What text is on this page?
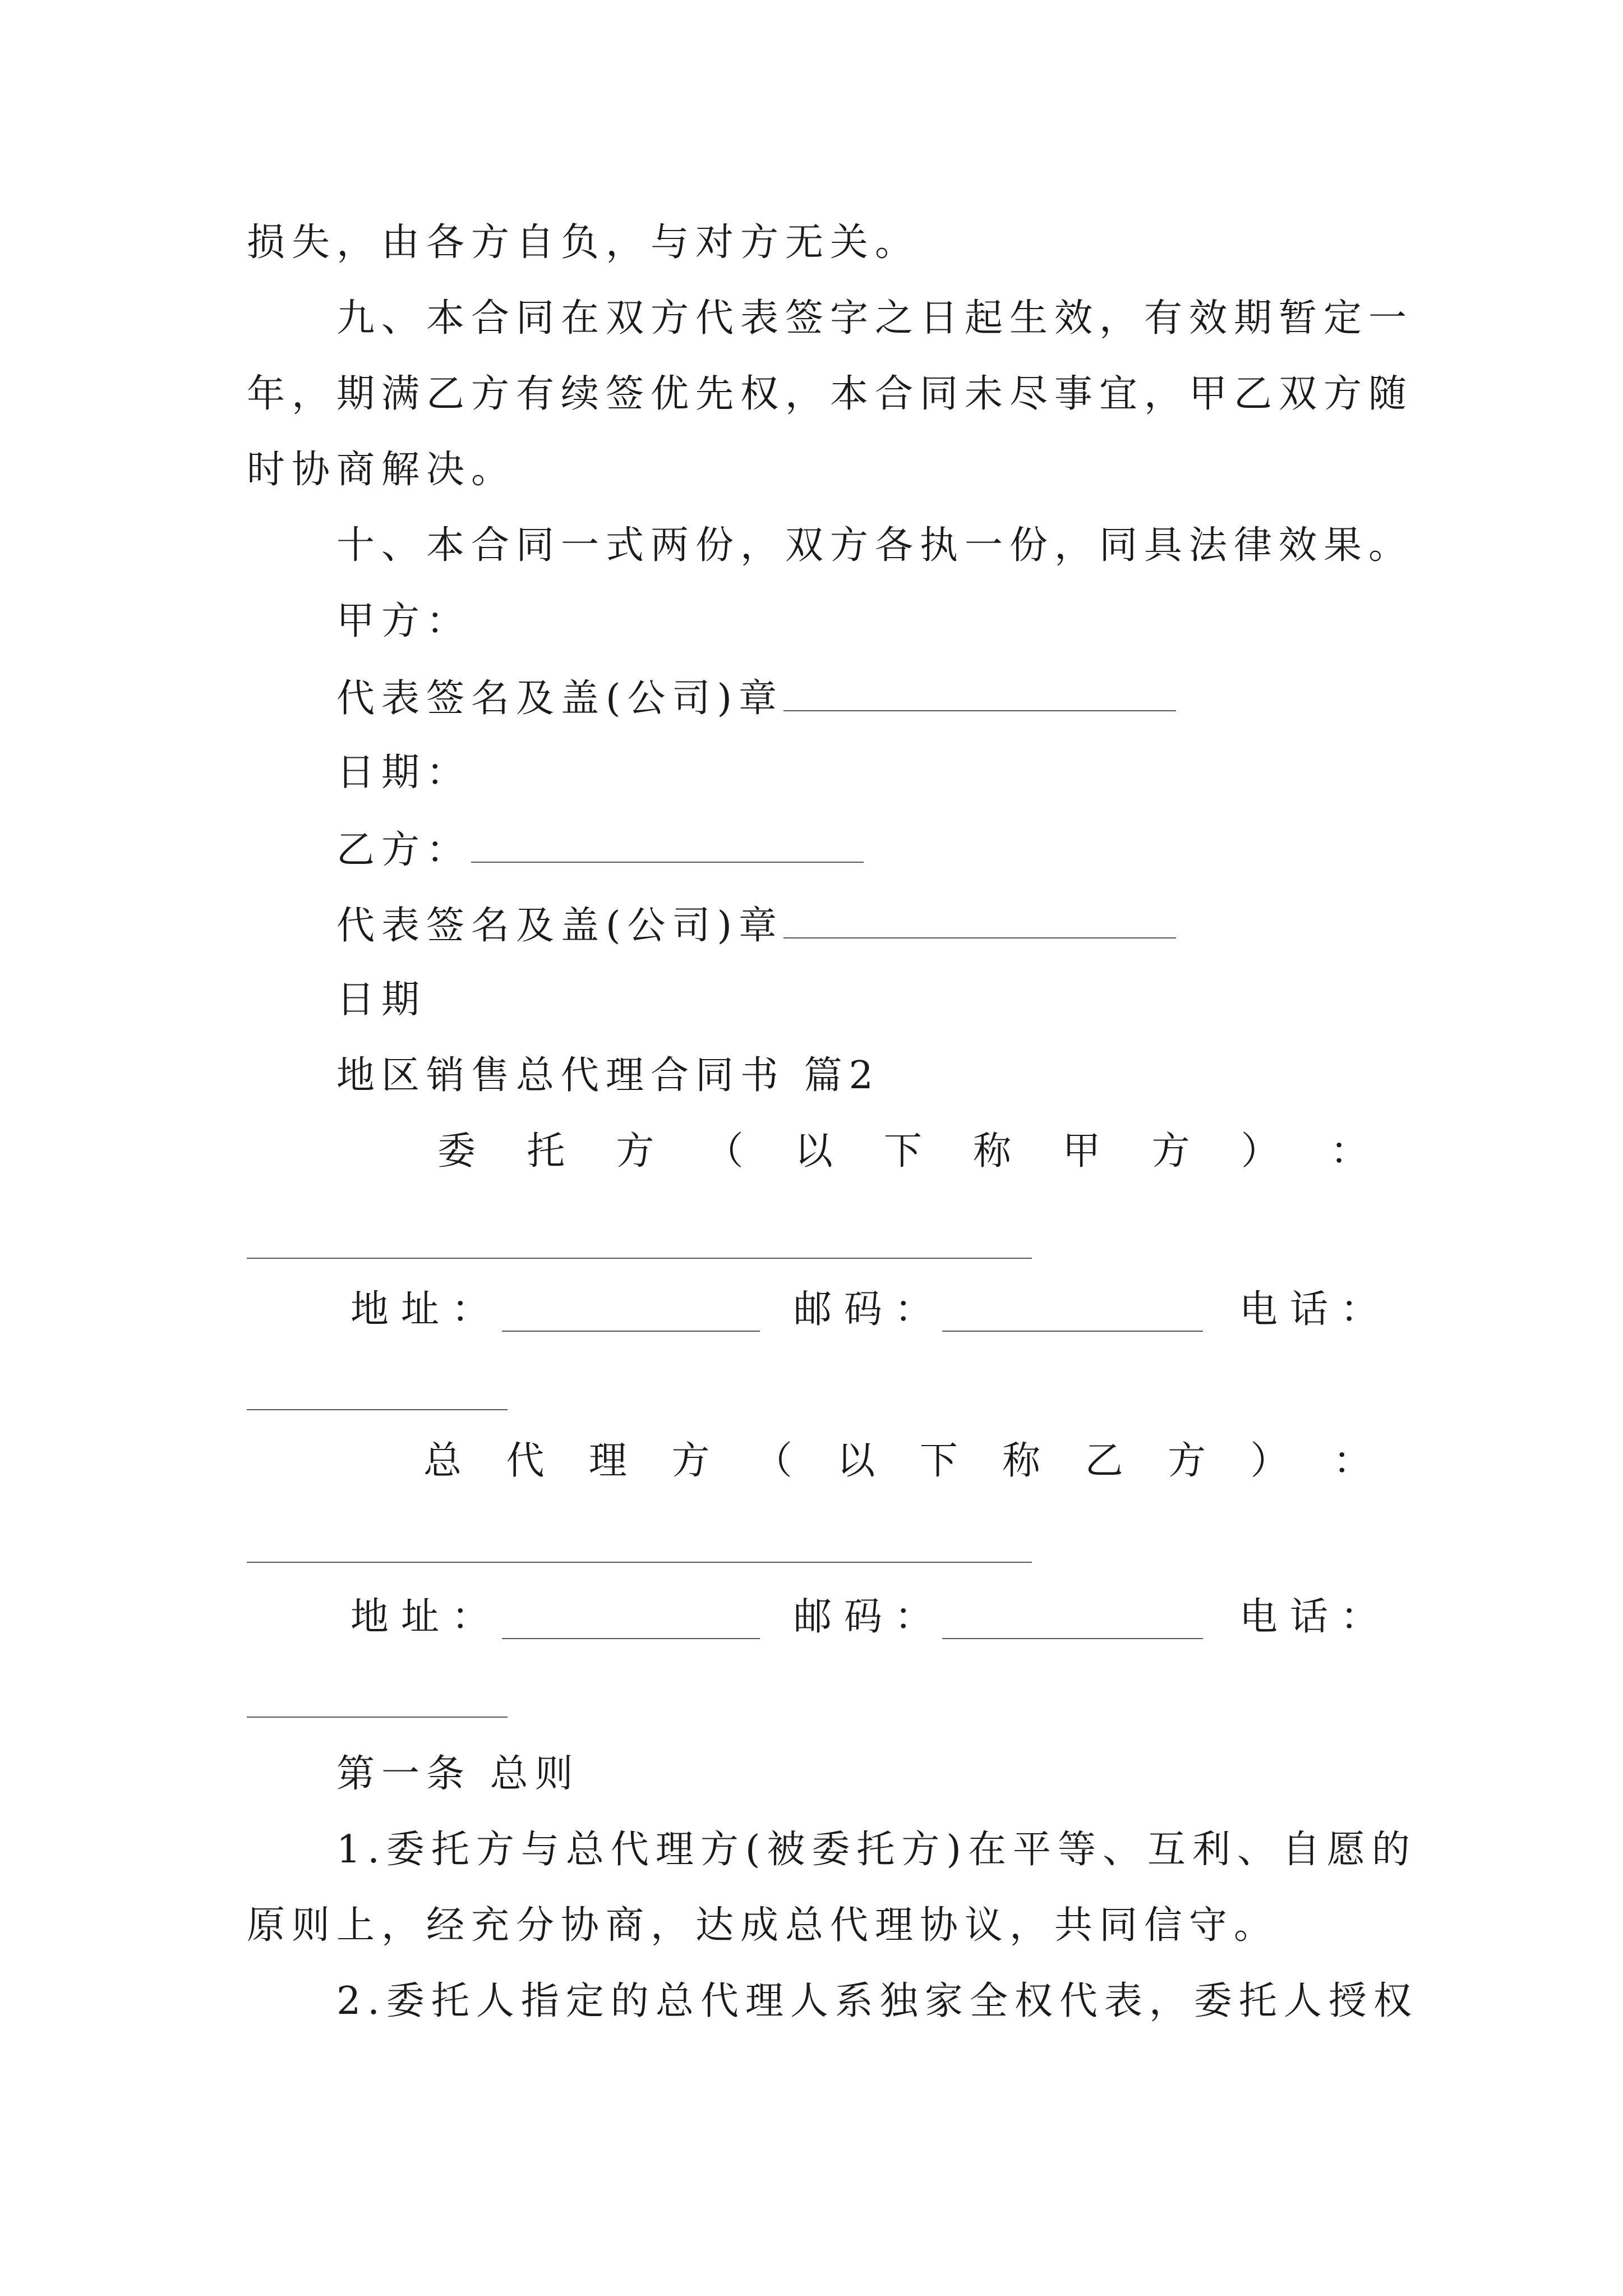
损失，由各方自负，与对方无关。
九、本合同在双方代表签字之日起生效，有效期暂定一
年，期满乙方有续签优先权，本合同未尽事宜，甲乙双方随
时协商解决。
十、本合同一式两份，双方各执一份，同具法律效果。
甲方：
代表签名及盖(公司)章
日期：
乙方：
代表签名及盖(公司)章
日期
地区销售总代理合同书 篇2
委 托 方 （ 以 下 称 甲 方 ） ：
地址：	邮码：	电话：
总 代 理 方 （ 以 下 称 乙 方 ） ：
地址：	邮码：	电话：
第一条 总则
1.委托方与总代理方(被委托方)在平等、互利、自愿的
原则上，经充分协商，达成总代理协议，共同信守。
2.委托人指定的总代理人系独家全权代表，委托人授权
